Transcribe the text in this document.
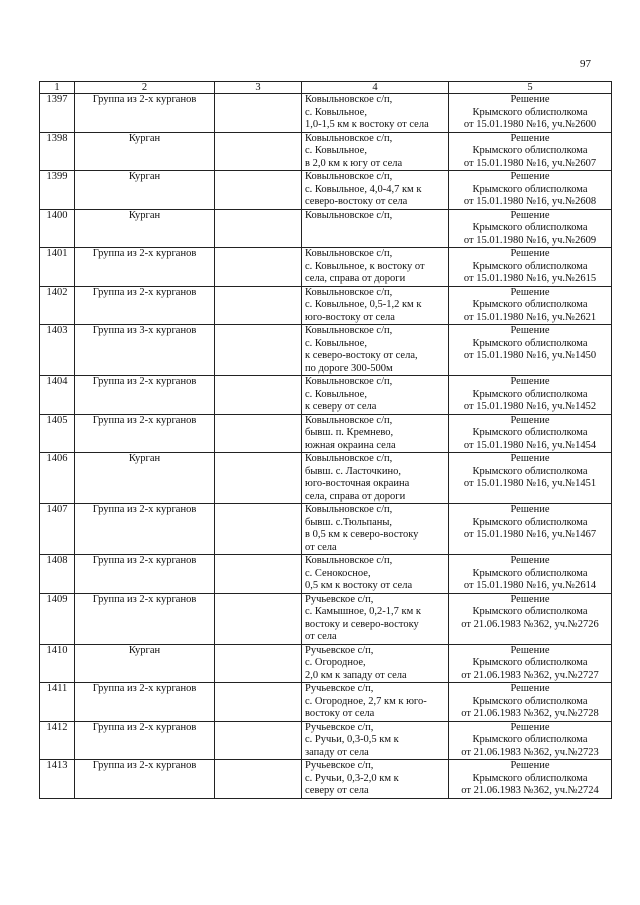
97
1	2	3	4	5
1397	Группа из 2-х курганов		Ковыльновское с/п,
с. Ковыльное,
1,0-1,5 км к востоку от села	Решение
Крымского облисполкома
от 15.01.1980 №16, уч.№2600

1398	Курган		Ковыльновское с/п,
с. Ковыльное,
в 2,0 км к югу от села	Решение
Крымского облисполкома
от 15.01.1980 №16, уч.№2607

1399	Курган		Ковыльновское с/п,
с. Ковыльное, 4,0-4,7 км к
северо-востоку от села	Решение
Крымского облисполкома
от 15.01.1980 №16, уч.№2608

1400	Курган		Ковыльновское с/п,	Решение
Крымского облисполкома
от 15.01.1980 №16, уч.№2609

1401	Группа из 2-х курганов		Ковыльновское с/п,
с. Ковыльное, к востоку от
села, справа от дороги	Решение
Крымского облисполкома
от 15.01.1980 №16, уч.№2615

1402	Группа из 2-х курганов		Ковыльновское с/п,
с. Ковыльное, 0,5-1,2 км к
юго-востоку от села	Решение
Крымского облисполкома
от 15.01.1980 №16, уч.№2621

1403	Группа из 3-х курганов		Ковыльновское с/п,
с. Ковыльное,
к северо-востоку от села,
по дороге 300-500м	Решение
Крымского облисполкома
от 15.01.1980 №16, уч.№1450

1404	Группа из 2-х курганов		Ковыльновское с/п,
с. Ковыльное,
к северу от села	Решение
Крымского облисполкома
от 15.01.1980 №16, уч.№1452

1405	Группа из 2-х курганов		Ковыльновское с/п,
бывш. п. Кремнево,
южная окраина села	Решение
Крымского облисполкома
от 15.01.1980 №16, уч.№1454

1406	Курган		Ковыльновское с/п,
бывш. с. Ласточкино,
юго-восточная окраина
села, справа от дороги	Решение
Крымского облисполкома
от 15.01.1980 №16, уч.№1451

1407	Группа из 2-х курганов		Ковыльновское с/п,
бывш. с.Тюльпаны,
в 0,5 км к северо-востоку
от села	Решение
Крымского облисполкома
от 15.01.1980 №16, уч.№1467

1408	Группа из 2-х курганов		Ковыльновское с/п,
с. Сенокосное,
0,5 км к востоку от села	Решение
Крымского облисполкома
от 15.01.1980 №16, уч.№2614

1409	Группа из 2-х курганов		Ручьевское с/п,
с. Камышное, 0,2-1,7 км к
востоку и северо-востоку
от села	Решение
Крымского облисполкома
от 21.06.1983 №362, уч.№2726

1410	Курган		Ручьевское с/п,
с. Огородное,
2,0 км к западу от села	Решение
Крымского облисполкома
от 21.06.1983 №362, уч.№2727

1411	Группа из 2-х курганов		Ручьевское с/п,
с. Огородное, 2,7 км к юго-
востоку от села	Решение
Крымского облисполкома
от 21.06.1983 №362, уч.№2728

1412	Группа из 2-х курганов		Ручьевское с/п,
с. Ручьи, 0,3-0,5 км к
западу от села	Решение
Крымского облисполкома
от 21.06.1983 №362, уч.№2723

1413	Группа из 2-х курганов		Ручьевское с/п,
с. Ручьи, 0,3-2,0 км к
северу от села	Решение
Крымского облисполкома
от 21.06.1983 №362, уч.№2724
